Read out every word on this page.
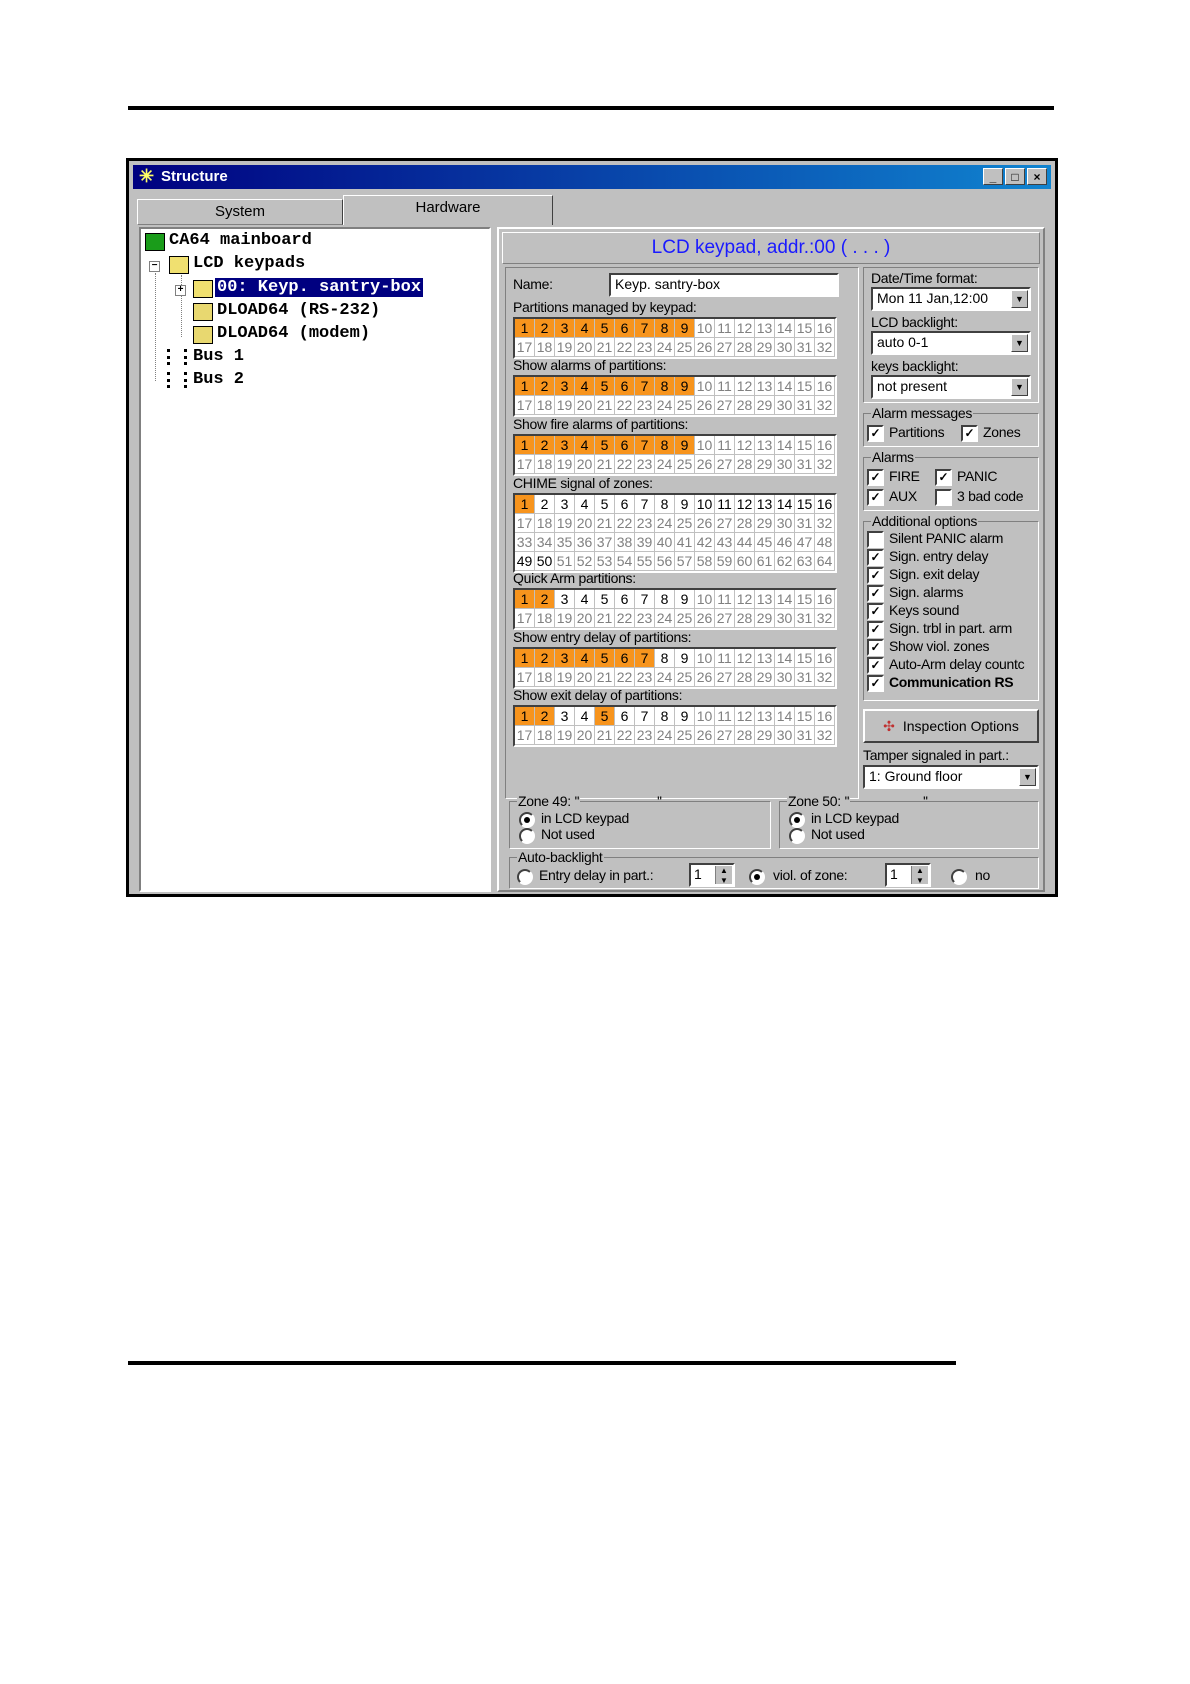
✳ Structure	_	□	×
System	Hardware
CA64 mainboard
− LCD keypads
+ 00: Keyp. santry-box
DLOAD64 (RS-232)
DLOAD64 (modem)
Bus 1
Bus 2
LCD keypad, addr.:00 ( . . . )
Name:	Keyp. santry-box	Date/Time format:
Mon 11 Jan,12:00	▼
LCD backlight:
auto 0-1	▼
keys backlight:
not present	▼
Alarm messages
✓ Partitions ✓ Zones
Alarms
✓ FIRE ✓ PANIC
✓ AUX	3 bad code
Additional options
✣ Inspection Options
Tamper signaled in part.:
1: Ground floor	▼
Zone 49: ''	''
in LCD keypad
Not used
Zone 50: ''	''
in LCD keypad
Not used
Auto-backlight
Entry delay in part.:	1	▲
▼	viol. of zone:	1	▲
▼	no
Partitions managed by keypad:
1 2 3 4 5 6 7 8 9 10 11 12 13 14 15 16
17 18 19 20 21 22 23 24 25 26 27 28 29 30 31 32
Show alarms of partitions:
1 2 3 4 5 6 7 8 9 10 11 12 13 14 15 16
17 18 19 20 21 22 23 24 25 26 27 28 29 30 31 32
Show fire alarms of partitions:
1 2 3 4 5 6 7 8 9 10 11 12 13 14 15 16
17 18 19 20 21 22 23 24 25 26 27 28 29 30 31 32
CHIME signal of zones:
1 2 3 4 5 6 7 8 9 10 11 12 13 14 15 16
17 18 19 20 21 22 23 24 25 26 27 28 29 30 31 32
33 34 35 36 37 38 39 40 41 42 43 44 45 46 47 48
49 50 51 52 53 54 55 56 57 58 59 60 61 62 63 64
Quick Arm partitions:
1 2 3 4 5 6 7 8 9 10 11 12 13 14 15 16
17 18 19 20 21 22 23 24 25 26 27 28 29 30 31 32
Show entry delay of partitions:
1 2 3 4 5 6 7 8 9 10 11 12 13 14 15 16
17 18 19 20 21 22 23 24 25 26 27 28 29 30 31 32
Show exit delay of partitions:
1 2 3 4 5 6 7 8 9 10 11 12 13 14 15 16
17 18 19 20 21 22 23 24 25 26 27 28 29 30 31 32
Silent PANIC alarm
✓ Sign. entry delay
✓ Sign. exit delay
✓ Sign. alarms
✓ Keys sound
✓ Sign. trbl in part. arm
✓ Show viol. zones
✓ Auto-Arm delay countc
✓ Communication RS
